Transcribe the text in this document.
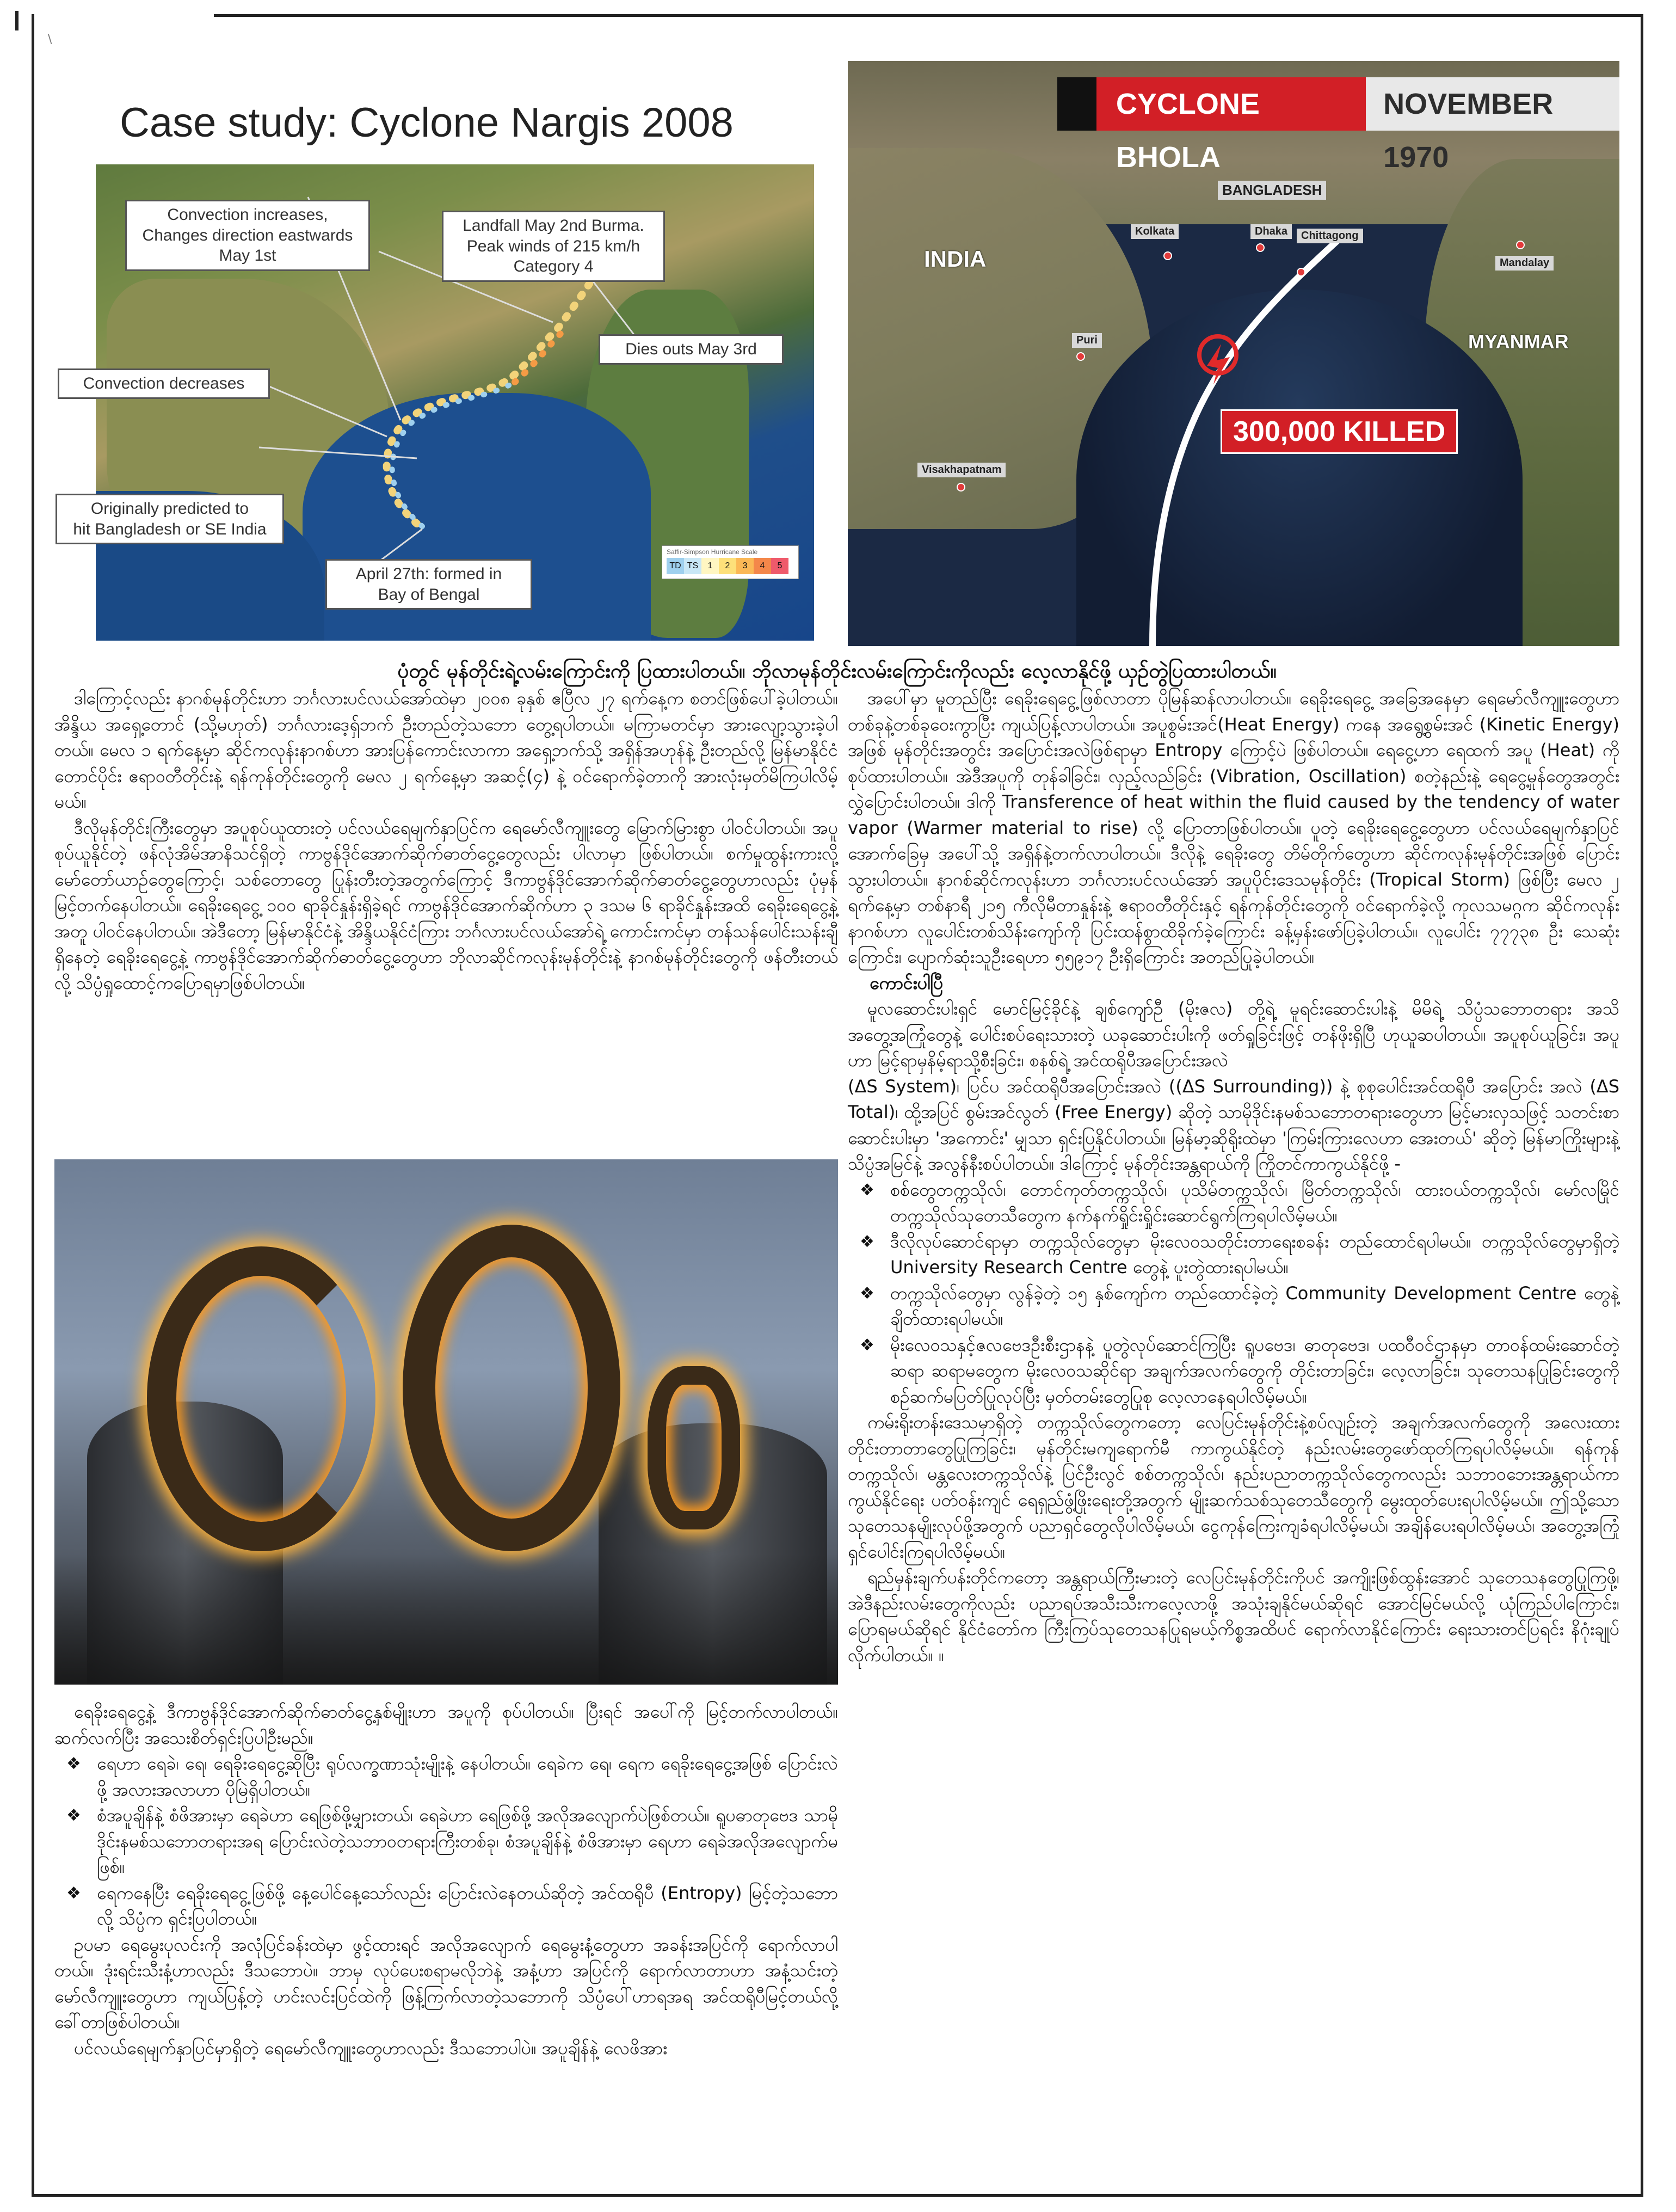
\
Case study: Cyclone Nargis 2008
Saffir-Simpson Hurricane Scale
TD TS	1	2	3	4	5
Convection increases,
Changes direction eastwards
May 1st
Landfall May 2nd Burma.
Peak winds of 215 km/h
Category 4
Dies outs May 3rd
Convection decreases
Originally predicted to
hit Bangladesh or SE India
April 27th: formed in
Bay of Bengal
CYCLONE BHOLA
NOVEMBER 1970
INDIA
BANGLADESH
MYANMAR
Kolkata	Dhaka	Chittagong
Mandalay
Puri
Visakhapatnam
300,000 KILLED
ပုံတွင် မုန်တိုင်းရဲ့လမ်းကြောင်းကို ပြထားပါတယ်။ ဘိုလာမုန်တိုင်းလမ်းကြောင်းကိုလည်း လေ့လာနိုင်ဖို့ ယှဉ်တွဲပြထားပါတယ်။

ဒါကြောင့်လည်း နာဂစ်မုန်တိုင်းဟာ ဘင်္ဂလားပင်လယ်အော်ထဲမှာ ၂၀၀၈ ခုနှစ် ဧပြီလ ၂၇ ရက်နေ့က စတင်ဖြစ်ပေါ်ခဲ့ပါတယ်။ အိန္ဒိယ အရှေ့တောင် (သို့မဟုတ်) ဘင်္ဂလားဒေ့ရှ်ဘက် ဦးတည်တဲ့သဘော တွေ့ရပါတယ်။ မကြာမတင်မှာ အားလျော့သွားခဲ့ပါတယ်။ မေလ ၁ ရက်နေ့မှာ ဆိုင်ကလုန်းနာဂစ်ဟာ အားပြန်ကောင်းလာကာ အရှေ့ဘက်သို့ အရှိန်အဟုန်နဲ့ ဦးတည်လို့ မြန်မာနိုင်ငံတောင်ပိုင်း ဧရာဝတီတိုင်းနဲ့ ရန်ကုန်တိုင်းတွေကို မေလ ၂ ရက်နေ့မှာ အဆင့်(၄) နဲ့ ဝင်ရောက်ခဲ့တာကို အားလုံးမှတ်မိကြပါလိမ့်မယ်။

ဒီလိုမုန်တိုင်းကြီးတွေမှာ အပူစုပ်ယူထားတဲ့ ပင်လယ်ရေမျက်နှာပြင်က ရေမော်လီကျူးတွေ မြောက်မြားစွာ ပါဝင်ပါတယ်။ အပူစုပ်ယူနိုင်တဲ့ ဖန်လုံအိမ်အာနိသင်ရှိတဲ့ ကာဗွန်ဒိုင်အောက်ဆိုက်ဓာတ်ငွေ့တွေလည်း ပါလာမှာ ဖြစ်ပါတယ်။ စက်မှုထွန်းကားလို့ မော်တော်ယာဉ်တွေကြောင့်၊ သစ်တောတွေ ပြုန်းတီးတဲ့အတွက်ကြောင့် ဒီကာဗွန်ဒိုင်အောက်ဆိုက်ဓာတ်ငွေ့တွေဟာလည်း ပုံမှန်မြင့်တက်နေပါတယ်။ ရေခိုးရေငွေ့ ၁၀၀ ရာခိုင်နှုန်းရှိခဲ့ရင် ကာဗွန်ဒိုင်အောက်ဆိုက်ဟာ ၃ ဒသမ ၆ ရာခိုင်နှုန်းအထိ ရေခိုးရေငွေ့နဲ့အတူ ပါဝင်နေပါတယ်။ အဲဒီတော့ မြန်မာနိုင်ငံနဲ့ အိန္ဒိယနိုင်ငံကြား ဘင်္ဂလားပင်လယ်အော်ရဲ့ ကောင်းကင်မှာ တန်သန်ပေါင်းသန်းချီရှိနေတဲ့ ရေခိုးရေငွေ့နဲ့ ကာဗွန်ဒိုင်အောက်ဆိုက်ဓာတ်ငွေ့တွေဟာ ဘိုလာဆိုင်ကလုန်းမုန်တိုင်းနဲ့ နာဂစ်မုန်တိုင်းတွေကို ဖန်တီးတယ်လို့ သိပ္ပံရှုထောင့်ကပြောရမှာဖြစ်ပါတယ်။

ရေခိုးရေငွေ့နဲ့ ဒီကာဗွန်ဒိုင်အောက်ဆိုက်ဓာတ်ငွေ့နှစ်မျိုးဟာ အပူကို စုပ်ပါတယ်။ ပြီးရင် အပေါ်ကို မြင့်တက်လာပါတယ်။ ဆက်လက်ပြီး အသေးစိတ်ရှင်းပြပါဦးမည်။

❖ ရေဟာ ရေခဲ၊ ရေ၊ ရေခိုးရေငွေ့ဆိုပြီး ရုပ်လက္ခဏာသုံးမျိုးနဲ့ နေပါတယ်။ ရေခဲက ရေ၊ ရေက ရေခိုးရေငွေ့အဖြစ် ပြောင်းလဲဖို့ အလားအလာဟာ ပိုမြဲရှိပါတယ်။
❖ စံအပူချိန်နဲ့ စံဖိအားမှာ ရေခဲဟာ ရေဖြစ်ဖို့မျှားတယ်၊ ရေခဲဟာ ရေဖြစ်ဖို့ အလိုအလျောက်ပဲဖြစ်တယ်။ ရူပဓာတုဗေဒ သာမိုဒိုင်းနမစ်သဘောတရားအရ ပြောင်းလဲတဲ့သဘာဝတရားကြီးတစ်ခု၊ စံအပူချိန်နဲ့ စံဖိအားမှာ ရေဟာ ရေခဲအလိုအလျောက်မဖြစ်။
❖ ရေကနေပြီး ရေခိုးရေငွေ့ဖြစ်ဖို့ နေ့ပေါင်နေ့သော်လည်း ပြောင်းလဲနေတယ်ဆိုတဲ့ အင်ထရိုပီ (Entropy) မြင့်တဲ့သဘောလို့ သိပ္ပံက ရှင်းပြပါတယ်။

ဥပမာ ရေမွေးပုလင်းကို အလုံပြင်ခန်းထဲမှာ ဖွင့်ထားရင် အလိုအလျောက် ရေမွေးနံ့တွေဟာ အခန်းအပြင်ကို ရောက်လာပါတယ်။ ဒုံးရင်းသီးနံ့ဟာလည်း ဒီသဘောပဲ။ ဘာမှ လုပ်ပေးစရာမလိုဘဲနဲ့ အနံ့ဟာ အပြင်ကို ရောက်လာတာဟာ အနံ့သင်းတဲ့မော်လီကျူးတွေဟာ ကျယ်ပြန့်တဲ့ ဟင်းလင်းပြင်ထဲကို ဖြန့်ကြက်လာတဲ့သဘောကို သိပ္ပံပေါ်ဟာရအရ အင်ထရိုပီမြင့်တယ်လို့ ခေါ်တာဖြစ်ပါတယ်။

ပင်လယ်ရေမျက်နှာပြင်မှာရှိတဲ့ ရေမော်လီကျူးတွေဟာလည်း ဒီသဘောပါပဲ။ အပူချိန်နဲ့ လေဖိအား

အပေါ်မှာ မူတည်ပြီး ရေခိုးရေငွေ့ဖြစ်လာတာ ပိုမြန်ဆန်လာပါတယ်။ ရေခိုးရေငွေ့ အခြေအနေမှာ ရေမော်လီကျူးတွေဟာ တစ်ခုနဲ့တစ်ခုဝေးကွာပြီး ကျယ်ပြန့်လာပါတယ်။ အပူစွမ်းအင်(Heat Energy) ကနေ အရွေ့စွမ်းအင် (Kinetic Energy) အဖြစ် မုန်တိုင်းအတွင်း အပြောင်းအလဲဖြစ်ရာမှာ Entropy ကြောင့်ပဲ ဖြစ်ပါတယ်။ ရေငွေ့ဟာ ရေထက် အပူ (Heat) ကို စုပ်ထားပါတယ်။ အဲဒီအပူကို တုန်ခါခြင်း၊ လှည့်လည်ခြင်း (Vibration, Oscillation) စတဲ့နည်းနဲ့ ရေငွေ့မှုန်တွေအတွင်း လွှဲပြောင်းပါတယ်။ ဒါကို Transference of heat within the fluid caused by the tendency of water vapor (Warmer material to rise) လို့ ပြောတာဖြစ်ပါတယ်။ ပူတဲ့ ရေခိုးရေငွေ့တွေဟာ ပင်လယ်ရေမျက်နှာပြင် အောက်ခြေမှ အပေါ်သို့ အရှိန်နဲ့တက်လာပါတယ်။ ဒီလိုနဲ့ ရေခိုးတွေ တိမ်တိုက်တွေဟာ ဆိုင်ကလုန်းမုန်တိုင်းအဖြစ် ပြောင်းသွားပါတယ်။ နာဂစ်ဆိုင်ကလုန်းဟာ ဘင်္ဂလားပင်လယ်အော် အပူပိုင်းဒေသမုန်တိုင်း (Tropical Storm) ဖြစ်ပြီး မေလ ၂ ရက်နေ့မှာ တစ်နာရီ ၂၁၅ ကီလိုမီတာနှုန်းနဲ့ ဧရာဝတီတိုင်းနှင့် ရန်ကုန်တိုင်းတွေကို ဝင်ရောက်ခဲ့လို့ ကုလသမဂ္ဂက ဆိုင်ကလုန်းနာဂစ်ဟာ လူပေါင်းတစ်သိန်းကျော်ကို ပြင်းထန်စွာထိခိုက်ခဲ့ကြောင်း ခန့်မှန်းဖော်ပြခဲ့ပါတယ်။ လူပေါင်း ၇၇၇၃၈ ဦး သေဆုံးကြောင်း၊ ပျောက်ဆုံးသူဦးရေဟာ ၅၅၉၁၇ ဦးရှိကြောင်း အတည်ပြုခဲ့ပါတယ်။

ကောင်းပါပြီ

မူလဆောင်းပါးရှင် မောင်မြင့်ခိုင်နဲ့ ချစ်ကျော်ဦ (မိုးဇလ) တို့ရဲ့ မူရင်းဆောင်းပါးနဲ့ မိမိရဲ့ သိပ္ပံသဘောတရား အသိ အတွေ့အကြုံတွေနဲ့ ပေါင်းစပ်ရေးသားတဲ့ ယခုဆောင်းပါးကို ဖတ်ရှုခြင်းဖြင့် တန်ဖိုးရှိပြီ ဟုယူဆပါတယ်။ အပူစုပ်ယူခြင်း၊ အပူဟာ မြင့်ရာမှနိမ့်ရာသို့စီးခြင်း၊ စနစ်ရဲ့ အင်ထရိုပီအပြောင်းအလဲ

(ΔS System)၊ ပြင်ပ အင်ထရိုပီအပြောင်းအလဲ ((ΔS Surrounding)) နဲ့ စုစုပေါင်းအင်ထရိုပီ အပြောင်း အလဲ (ΔS Total)၊ ထို့အပြင် စွမ်းအင်လွတ် (Free Energy) ဆိုတဲ့ သာမိုဒိုင်းနမစ်သဘောတရားတွေဟာ မြင့်မားလှသဖြင့် သတင်းစာဆောင်းပါးမှာ 'အကောင်း' မျှသာ ရှင်းပြနိုင်ပါတယ်။ မြန်မာ့ဆိုရိုးထဲမှာ 'ကြမ်းကြားလေဟာ အေးတယ်' ဆိုတဲ့ မြန်မာကြိုးများနဲ့ သိပ္ပံအမြင်နဲ့ အလွန်နီးစပ်ပါတယ်။ ဒါကြောင့် မုန်တိုင်းအန္တရာယ်ကို ကြိုတင်ကာကွယ်နိုင်ဖို့ -

❖ စစ်တွေတက္ကသိုလ်၊ တောင်ကုတ်တက္ကသိုလ်၊ ပုသိမ်တက္ကသိုလ်၊ မြိတ်တက္ကသိုလ်၊ ထားဝယ်တက္ကသိုလ်၊ မော်လမြိုင်တက္ကသိုလ်သုတေသီတွေက နက်နက်ရှိုင်းရှိုင်းဆောင်ရွက်ကြရပါလိမ့်မယ်။
❖ ဒီလိုလုပ်ဆောင်ရာမှာ တက္ကသိုလ်တွေမှာ မိုးလေဝသတိုင်းတာရေးစခန်း တည်ထောင်ရပါမယ်။ တက္ကသိုလ်တွေမှာရှိတဲ့ University Research Centre တွေနဲ့ ပူးတွဲထားရပါမယ်။
❖ တက္ကသိုလ်တွေမှာ လွန်ခဲ့တဲ့ ၁၅ နှစ်ကျော်က တည်ထောင်ခဲ့တဲ့ Community Development Centre တွေနဲ့ ချိတ်ထားရပါမယ်။
❖ မိုးလေဝသနှင့်ဇလဗေဒဦးစီးဌာနနဲ့ ပူတွဲလုပ်ဆောင်ကြပြီး ရူပဗေဒ၊ ဓာတုဗေဒ၊ ပထဝီဝင်ဌာနမှာ တာဝန်ထမ်းဆောင်တဲ့ ဆရာ ဆရာမတွေက မိုးလေဝသဆိုင်ရာ အချက်အလက်တွေကို တိုင်းတာခြင်း၊ လေ့လာခြင်း၊ သုတေသနပြုခြင်းတွေကို စဉ်ဆက်မပြတ်ပြုလုပ်ပြီး မှတ်တမ်းတွေပြုစု လေ့လာနေရပါလိမ့်မယ်။

ကမ်းရိုးတန်းဒေသမှာရှိတဲ့ တက္ကသိုလ်တွေကတော့ လေပြင်းမုန်တိုင်းနဲ့စပ်လျဉ်းတဲ့ အချက်အလက်တွေကို အလေးထားတိုင်းတာတာတွေပြုကြခြင်း၊ မုန်တိုင်းမကျရောက်မီ ကာကွယ်နိုင်တဲ့ နည်းလမ်းတွေဖော်ထုတ်ကြရပါလိမ့်မယ်။ ရန်ကုန်တက္ကသိုလ်၊ မန္တလေးတက္ကသိုလ်နဲ့ ပြင်ဦးလွင် စစ်တက္ကသိုလ်၊ နည်းပညာတက္ကသိုလ်တွေကလည်း သဘာဝဘေးအန္တရာယ်ကာကွယ်နိုင်ရေး ပတ်ဝန်းကျင် ရေရှည်ဖွံ့ဖြိုးရေးတို့အတွက် မျိုးဆက်သစ်သုတေသီတွေကို မွေးထုတ်ပေးရပါလိမ့်မယ်။ ဤသို့သော သုတေသနမျိုးလုပ်ဖို့အတွက် ပညာရှင်တွေလိုပါလိမ့်မယ်၊ ငွေကုန်ကြေးကျခံရပါလိမ့်မယ်၊ အချိန်ပေးရပါလိမ့်မယ်၊ အတွေ့အကြုံရှင်ပေါင်းကြရပါလိမ့်မယ်။

ရည်မှန်းချက်ပန်းတိုင်ကတော့ အန္တရာယ်ကြီးမားတဲ့ လေပြင်းမုန်တိုင်းကိုပင် အကျိုးဖြစ်ထွန်းအောင် သုတေသနတွေပြုကြဖို့၊ အဲဒီနည်းလမ်းတွေကိုလည်း ပညာရပ်အသီးသီးကလေ့လာဖို့ အသုံးချနိုင်မယ်ဆိုရင် အောင်မြင်မယ်လို့ ယုံကြည်ပါကြောင်း၊ ပြောရမယ်ဆိုရင် နိုင်ငံတော်က ကြီးကြပ်သုတေသနပြုရမယ့်ကိစ္စအထိပင် ရောက်လာနိုင်ကြောင်း ရေးသားတင်ပြရင်း နိဂုံးချုပ်လိုက်ပါတယ်။ ။
